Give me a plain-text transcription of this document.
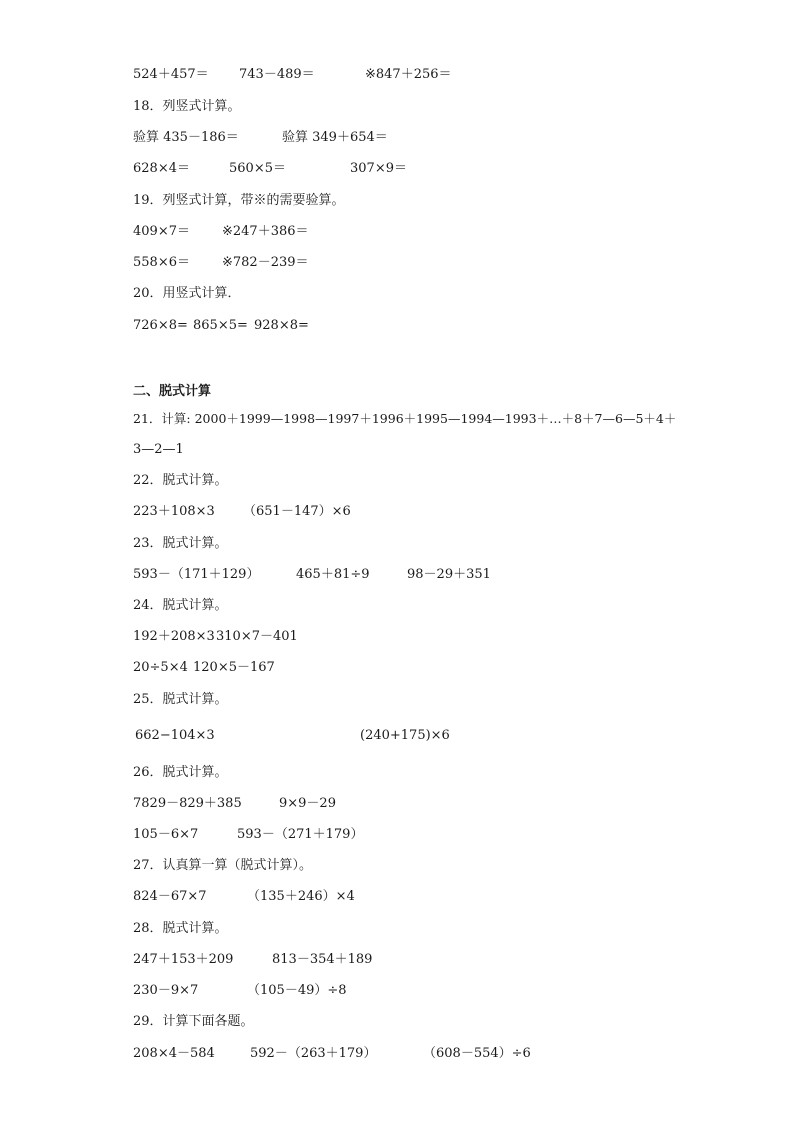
524＋457＝ 743－489＝	※847＋256＝
18．列竖式计算。
验算 435－186＝	验算 349＋654＝
628×4＝	560×5＝	307×9＝
19．列竖式计算，带※的需要验算。
409×7＝ ※247＋386＝
558×6＝ ※782－239＝
20．用竖式计算．
726×8= 865×5= 928×8=
二、脱式计算
21．计算: 2000＋1999—1998—1997＋1996＋1995—1994—1993＋…＋8＋7—6—5＋4＋
3—2—1
22．脱式计算。
223＋108×3 （651－147）×6
23．脱式计算。
593－（171＋129）	465＋81÷9	98－29＋351
24．脱式计算。
192＋208×3 310×7－401
20÷5×4 120×5－167
25．脱式计算。
662−104×3	(240+175)×6
26．脱式计算。
7829－829＋385	9×9－29
105－6×7	593－（271＋179）
27．认真算一算（脱式计算）。
824－67×7	（135＋246）×4
28．脱式计算。
247＋153＋209	813－354＋189
230－9×7	（105－49）÷8
29．计算下面各题。
208×4－584	592－（263＋179）	（608－554）÷6
